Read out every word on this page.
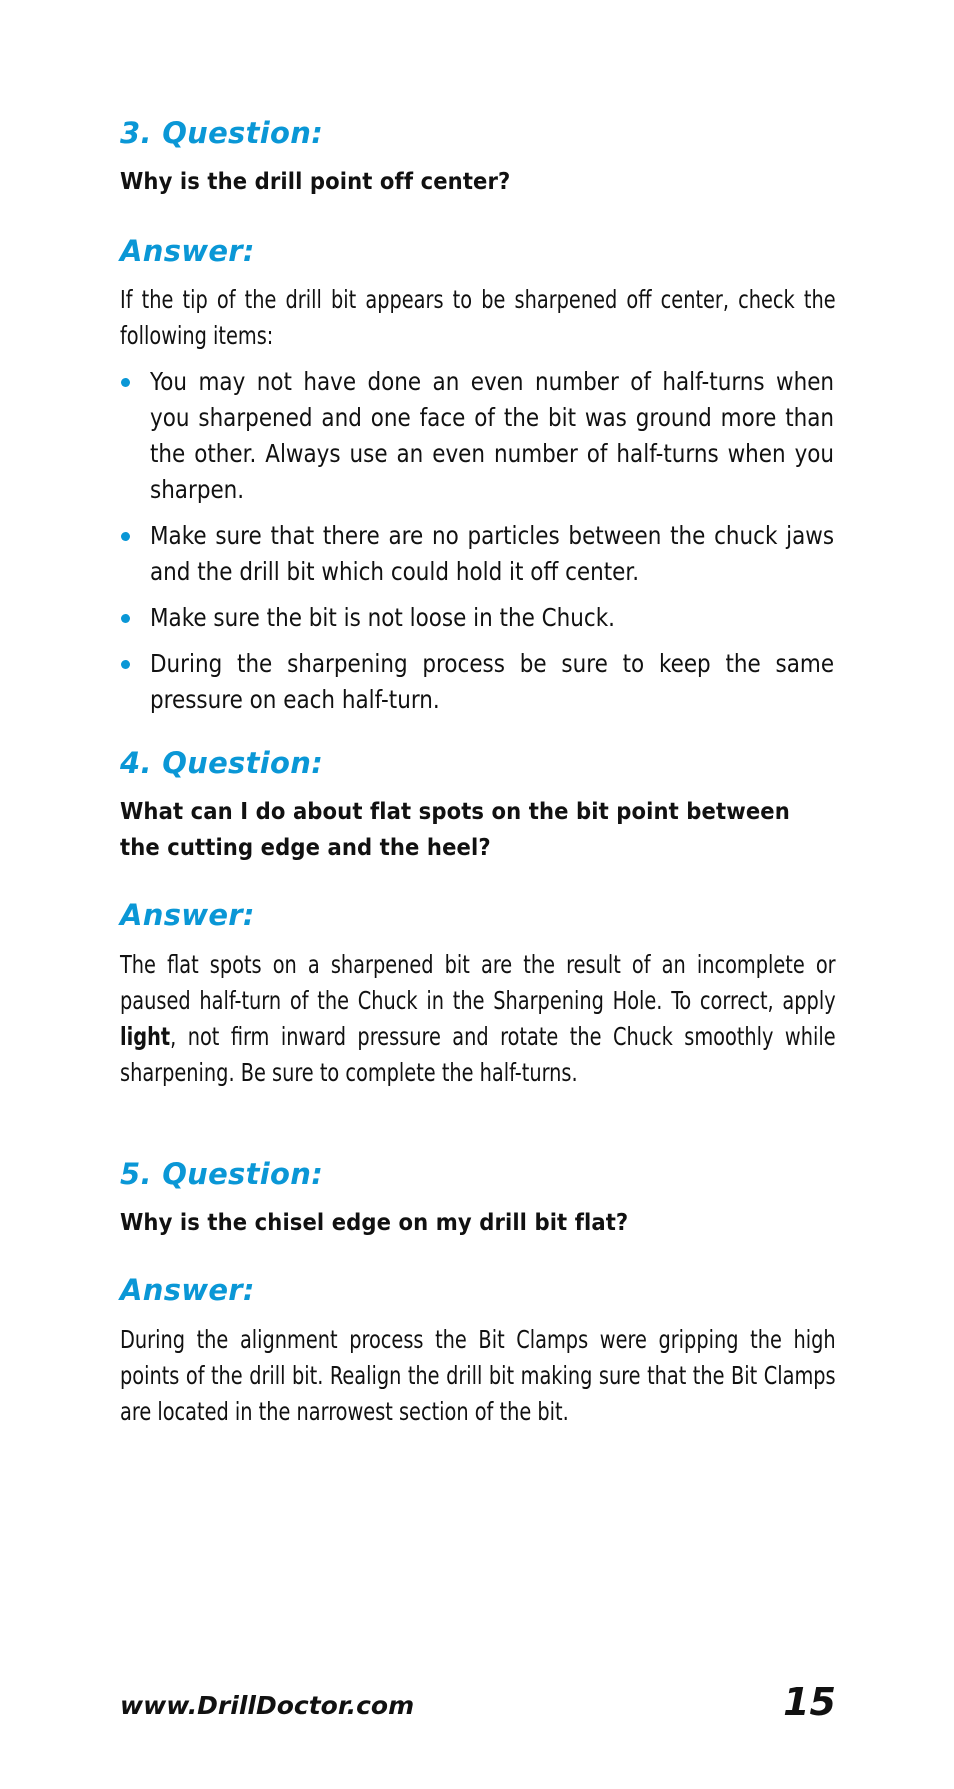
3. Question:

Why is the drill point off center?

Answer:

If the tip of the drill bit appears to be sharpened off center, check the following items:

You may not have done an even number of half-turns when you sharpened and one face of the bit was ground more than the other. Always use an even number of half-turns when you sharpen.
Make sure that there are no particles between the chuck jaws and the drill bit which could hold it off center.
Make sure the bit is not loose in the Chuck.
During the sharpening process be sure to keep the same pressure on each half-turn.
4. Question:

What can I do about flat spots on the bit point between the cutting edge and the heel?

Answer:

The flat spots on a sharpened bit are the result of an incomplete or paused half-turn of the Chuck in the Sharpening Hole. To correct, apply light, not firm inward pressure and rotate the Chuck smoothly while sharpening. Be sure to complete the half-turns.

5. Question:

Why is the chisel edge on my drill bit flat?

Answer:

During the alignment process the Bit Clamps were gripping the high points of the drill bit. Realign the drill bit making sure that the Bit Clamps are located in the narrowest section of the bit.

www.DrillDoctor.com	15
